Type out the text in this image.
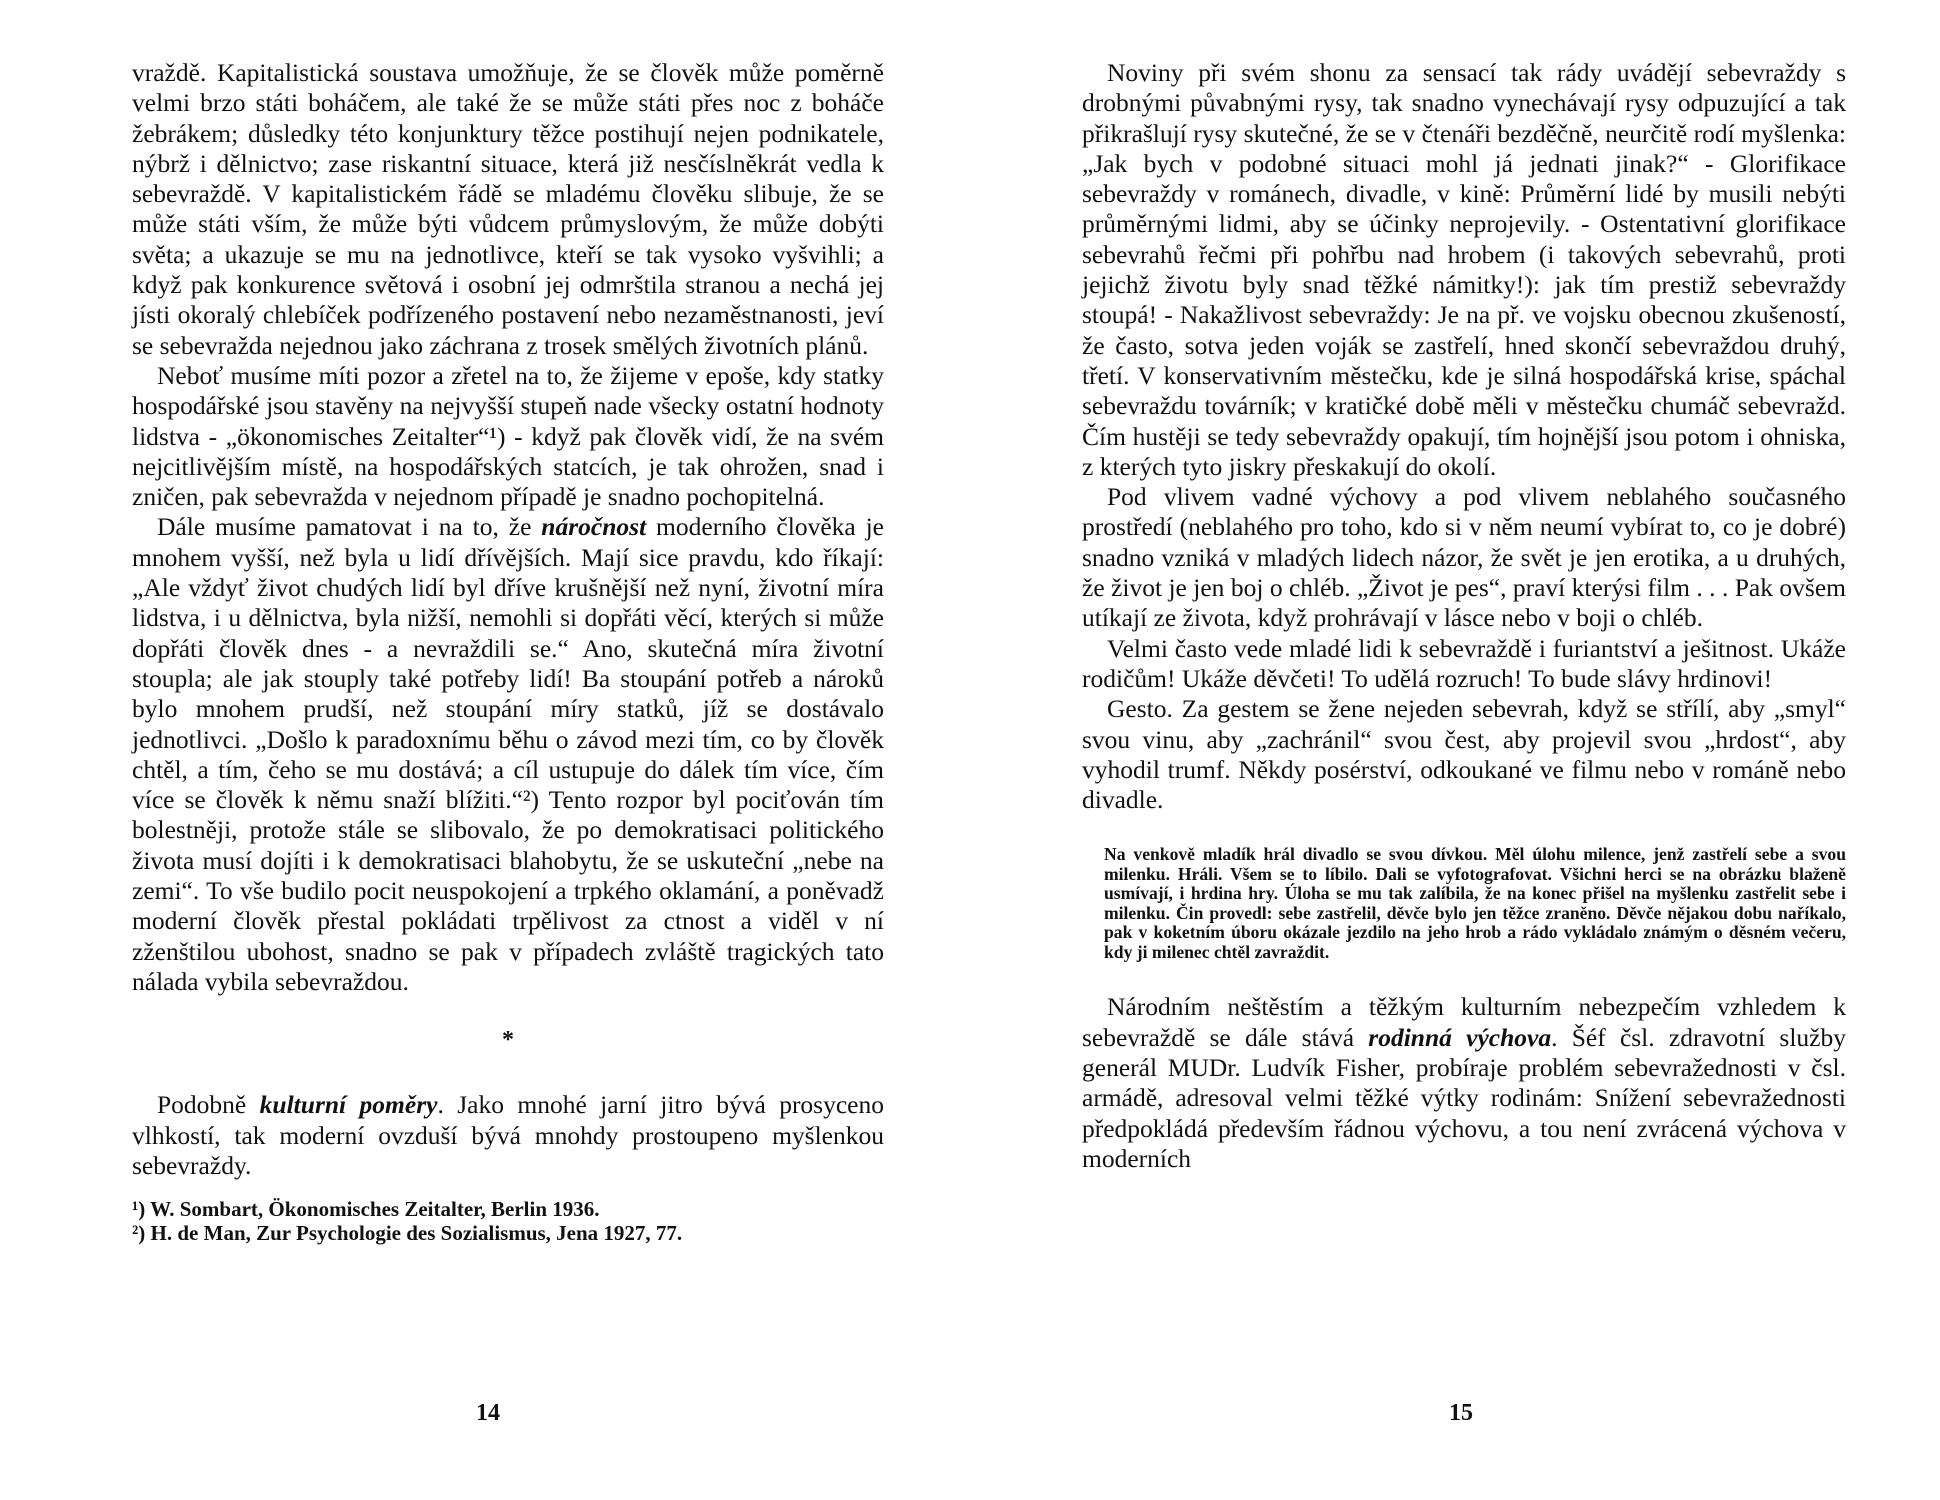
vraždě. Kapitalistická soustava umožňuje, že se člověk může poměrně velmi brzo státi boháčem, ale také že se může státi přes noc z boháče žebrákem; důsledky této konjunktury těžce postihují nejen podnikatele, nýbrž i dělnictvo; zase riskantní situace, která již nesčíslněkrát vedla k sebevraždě. V kapitalistickém řádě se mladému člověku slibuje, že se může státi vším, že může býti vůdcem průmyslovým, že může dobýti světa; a ukazuje se mu na jednotlivce, kteří se tak vysoko vyšvihli; a když pak konkurence světová i osobní jej odmrštila stranou a nechá jej jísti okoralý chlebíček podřízeného postavení nebo nezaměstnanosti, jeví se sebevražda nejednou jako záchrana z trosek smělých životních plánů.

Neboť musíme míti pozor a zřetel na to, že žijeme v epoše, kdy statky hospodářské jsou stavěny na nejvyšší stupeň nade všecky ostatní hodnoty lidstva - „ökonomisches Zeitalter“¹) - když pak člověk vidí, že na svém nejcitlivějším místě, na hospodářských statcích, je tak ohrožen, snad i zničen, pak sebevražda v nejednom případě je snadno pochopitelná.

Dále musíme pamatovat i na to, že náročnost moderního člověka je mnohem vyšší, než byla u lidí dřívějších. Mají sice pravdu, kdo říkají: „Ale vždyť život chudých lidí byl dříve krušnější než nyní, životní míra lidstva, i u dělnictva, byla nižší, nemohli si dopřáti věcí, kterých si může dopřáti člověk dnes - a nevraždili se.“ Ano, skutečná míra životní stoupla; ale jak stouply také potřeby lidí! Ba stoupání potřeb a nároků bylo mnohem prudší, než stoupání míry statků, jíž se dostávalo jednotlivci. „Došlo k paradoxnímu běhu o závod mezi tím, co by člověk chtěl, a tím, čeho se mu dostává; a cíl ustupuje do dálek tím více, čím více se člověk k němu snaží blížiti.“²) Tento rozpor byl pociťován tím bolestněji, protože stále se slibovalo, že po demokratisaci politického života musí dojíti i k demokratisaci blahobytu, že se uskuteční „nebe na zemi“. To vše budilo pocit neuspokojení a trpkého oklamání, a poněvadž moderní člověk přestal pokládati trpělivost za ctnost a viděl v ní zženštilou ubohost, snadno se pak v případech zvláště tragických tato nálada vybila sebevraždou.

*

Podobně kulturní poměry. Jako mnohé jarní jitro bývá prosyceno vlhkostí, tak moderní ovzduší bývá mnohdy prostoupeno myšlenkou sebevraždy.

¹) W. Sombart, Ökonomisches Zeitalter, Berlin 1936.

²) H. de Man, Zur Psychologie des Sozialismus, Jena 1927, 77.

14

Noviny při svém shonu za sensací tak rády uvádějí sebevraždy s drobnými půvabnými rysy, tak snadno vynechávají rysy odpuzující a tak přikrašlují rysy skutečné, že se v čtenáři bezděčně, neurčitě rodí myšlenka: „Jak bych v podobné situaci mohl já jednati jinak?“ - Glorifikace sebevraždy v románech, divadle, v kině: Průměrní lidé by musili nebýti průměrnými lidmi, aby se účinky neprojevily. - Ostentativní glorifikace sebevrahů řečmi při pohřbu nad hrobem (i takových sebevrahů, proti jejichž životu byly snad těžké námitky!): jak tím prestiž sebevraždy stoupá! - Nakažlivost sebevraždy: Je na př. ve vojsku obecnou zkušeností, že často, sotva jeden voják se zastřelí, hned skončí sebevraždou druhý, třetí. V konservativním městečku, kde je silná hospodářská krise, spáchal sebevraždu továrník; v kratičké době měli v městečku chumáč sebevražd. Čím hustěji se tedy sebevraždy opakují, tím hojnější jsou potom i ohniska, z kterých tyto jiskry přeskakují do okolí.

Pod vlivem vadné výchovy a pod vlivem neblahého současného prostředí (neblahého pro toho, kdo si v něm neumí vybírat to, co je dobré) snadno vzniká v mladých lidech názor, že svět je jen erotika, a u druhých, že život je jen boj o chléb. „Život je pes“, praví kterýsi film . . . Pak ovšem utíkají ze života, když prohrávají v lásce nebo v boji o chléb.

Velmi často vede mladé lidi k sebevraždě i furiantství a ješitnost. Ukáže rodičům! Ukáže děvčeti! To udělá rozruch! To bude slávy hrdinovi!

Gesto. Za gestem se žene nejeden sebevrah, když se střílí, aby „smyl“ svou vinu, aby „zachránil“ svou čest, aby projevil svou „hrdost“, aby vyhodil trumf. Někdy posérství, odkoukané ve filmu nebo v románě nebo divadle.

Na venkově mladík hrál divadlo se svou dívkou. Měl úlohu milence, jenž zastřelí sebe a svou milenku. Hráli. Všem se to líbilo. Dali se vyfotografovat. Všichni herci se na obrázku blaženě usmívají, i hrdina hry. Úloha se mu tak zalíbila, že na konec přišel na myšlenku zastřelit sebe i milenku. Čin provedl: sebe zastřelil, děvče bylo jen těžce zraněno. Děvče nějakou dobu naříkalo, pak v koketním úboru okázale jezdilo na jeho hrob a rádo vykládalo známým o děsném večeru, kdy ji milenec chtěl zavraždit.

Národním neštěstím a těžkým kulturním nebezpečím vzhledem k sebevraždě se dále stává rodinná výchova. Šéf čsl. zdravotní služby generál MUDr. Ludvík Fisher, probíraje problém sebevražednosti v čsl. armádě, adresoval velmi těžké výtky rodinám: Snížení sebevražednosti předpokládá především řádnou výchovu, a tou není zvrácená výchova v moderních

15
